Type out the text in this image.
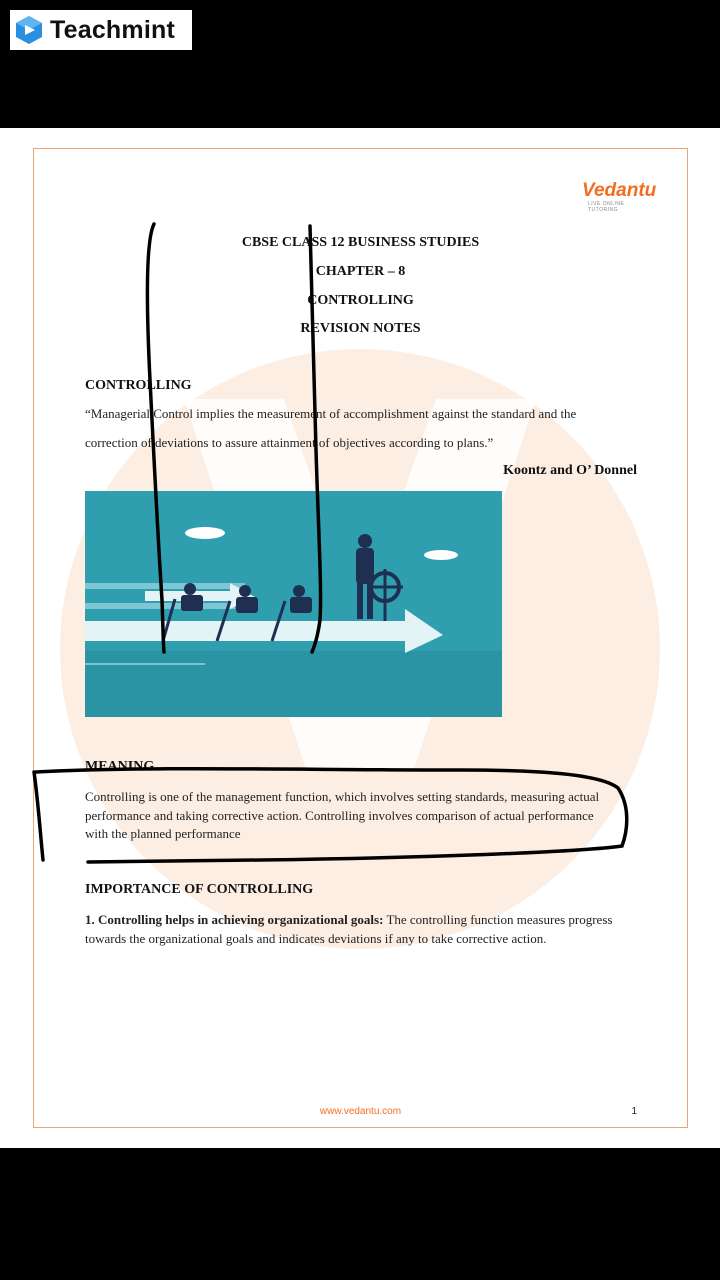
Teachmint
Vedantu
LIVE ONLINE TUTORING
CBSE CLASS 12 BUSINESS STUDIES
CHAPTER – 8
CONTROLLING
REVISION NOTES
CONTROLLING
“Managerial Control implies the measurement of accomplishment against the standard and the correction of deviations to assure attainment of objectives according to plans.”
Koontz and O’ Donnel
MEANING
Controlling is one of the management function, which involves setting standards, measuring actual performance and taking corrective action. Controlling involves comparison of actual performance with the planned performance
IMPORTANCE OF CONTROLLING
1. Controlling helps in achieving organizational goals: The controlling function measures progress towards the organizational goals and indicates deviations if any to take corrective action.
www.vedantu.com	1
